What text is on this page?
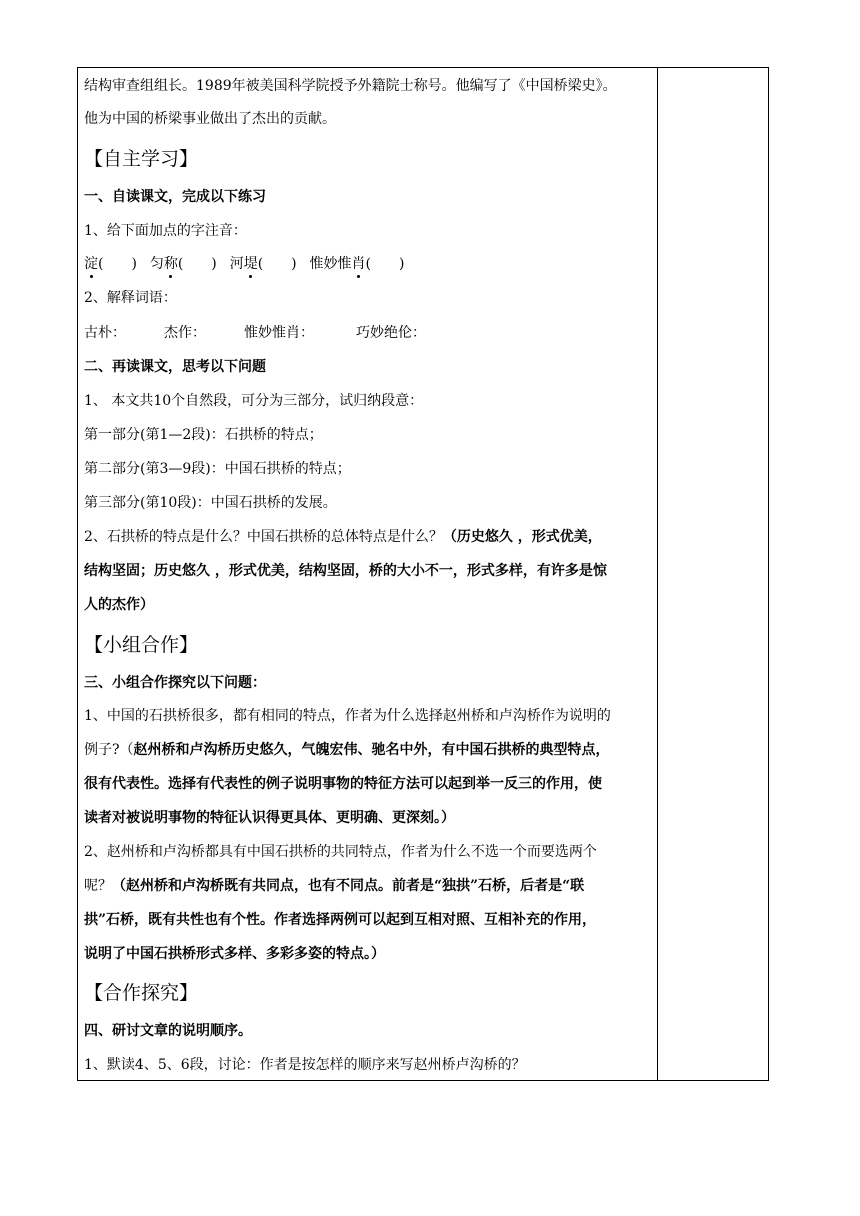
结构审查组组长。1989年被美国科学院授予外籍院士称号。他编写了《中国桥梁史》。
他为中国的桥梁事业做出了杰出的贡献。
【自主学习】
一、自读课文，完成以下练习
1、给下面加点的字注音：
淀(　　) 匀称(　　) 河堤(　　) 惟妙惟肖(　　)
2、解释词语：
古朴：	杰作：	惟妙惟肖：	巧妙绝伦：
二、再读课文，思考以下问题
1、 本文共10个自然段，可分为三部分，试归纳段意：
第一部分(第1—2段)：石拱桥的特点；
第二部分(第3—9段)：中国石拱桥的特点；
第三部分(第10段)：中国石拱桥的发展。
2、石拱桥的特点是什么？中国石拱桥的总体特点是什么？（历史悠久 ，形式优美，
结构坚固；历史悠久 ，形式优美，结构坚固，桥的大小不一，形式多样，有许多是惊
人的杰作）
【小组合作】
三、小组合作探究以下问题：
1、中国的石拱桥很多，都有相同的特点，作者为什么选择赵州桥和卢沟桥作为说明的
例子?（赵州桥和卢沟桥历史悠久，气魄宏伟、驰名中外，有中国石拱桥的典型特点，
很有代表性。选择有代表性的例子说明事物的特征方法可以起到举一反三的作用，使
读者对被说明事物的特征认识得更具体、更明确、更深刻。）
2、赵州桥和卢沟桥都具有中国石拱桥的共同特点，作者为什么不选一个而要选两个
呢？（赵州桥和卢沟桥既有共同点，也有不同点。前者是“独拱”石桥，后者是“联
拱”石桥，既有共性也有个性。作者选择两例可以起到互相对照、互相补充的作用，
说明了中国石拱桥形式多样、多彩多姿的特点。）
【合作探究】
四、研讨文章的说明顺序。
1、默读4、5、6段，讨论：作者是按怎样的顺序来写赵州桥卢沟桥的？
